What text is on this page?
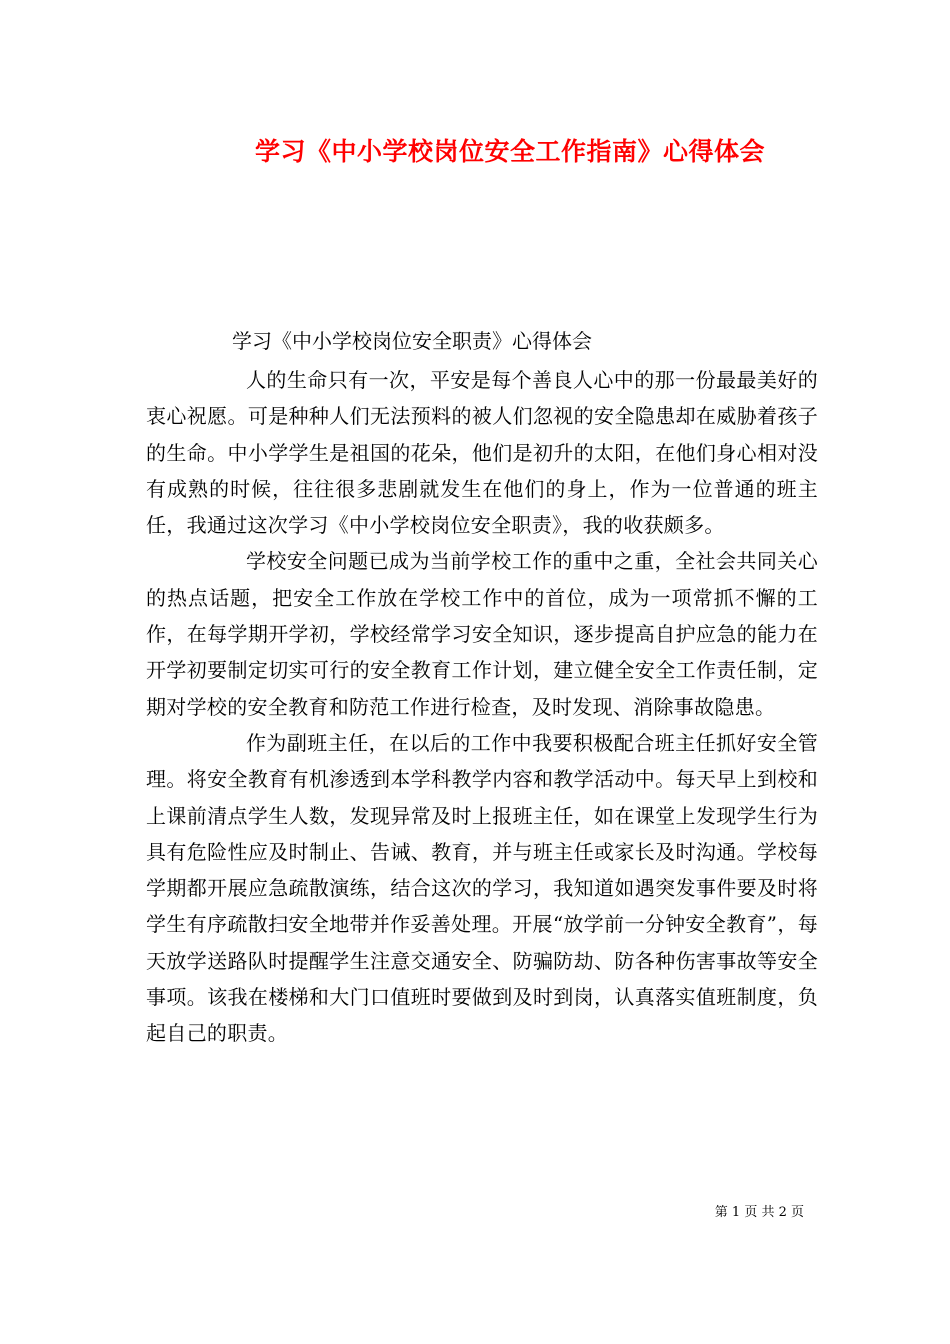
学习《中小学校岗位安全工作指南》心得体会
学习《中小学校岗位安全职责》心得体会

人的生命只有一次，平安是每个善良人心中的那一份最最美好的衷心祝愿。可是种种人们无法预料的被人们忽视的安全隐患却在威胁着孩子的生命。中小学学生是祖国的花朵，他们是初升的太阳，在他们身心相对没有成熟的时候，往往很多悲剧就发生在他们的身上，作为一位普通的班主任，我通过这次学习《中小学校岗位安全职责》，我的收获颇多。

学校安全问题已成为当前学校工作的重中之重，全社会共同关心的热点话题，把安全工作放在学校工作中的首位，成为一项常抓不懈的工作，在每学期开学初，学校经常学习安全知识，逐步提高自护应急的能力在开学初要制定切实可行的安全教育工作计划，建立健全安全工作责任制，定期对学校的安全教育和防范工作进行检查，及时发现、消除事故隐患。

作为副班主任，在以后的工作中我要积极配合班主任抓好安全管理。将安全教育有机渗透到本学科教学内容和教学活动中。每天早上到校和上课前清点学生人数，发现异常及时上报班主任，如在课堂上发现学生行为具有危险性应及时制止、告诫、教育，并与班主任或家长及时沟通。学校每学期都开展应急疏散演练，结合这次的学习，我知道如遇突发事件要及时将学生有序疏散扫安全地带并作妥善处理。开展“放学前一分钟安全教育”，每天放学送路队时提醒学生注意交通安全、防骗防劫、防各种伤害事故等安全事项。该我在楼梯和大门口值班时要做到及时到岗，认真落实值班制度，负起自己的职责。

第 1 页 共 2 页
